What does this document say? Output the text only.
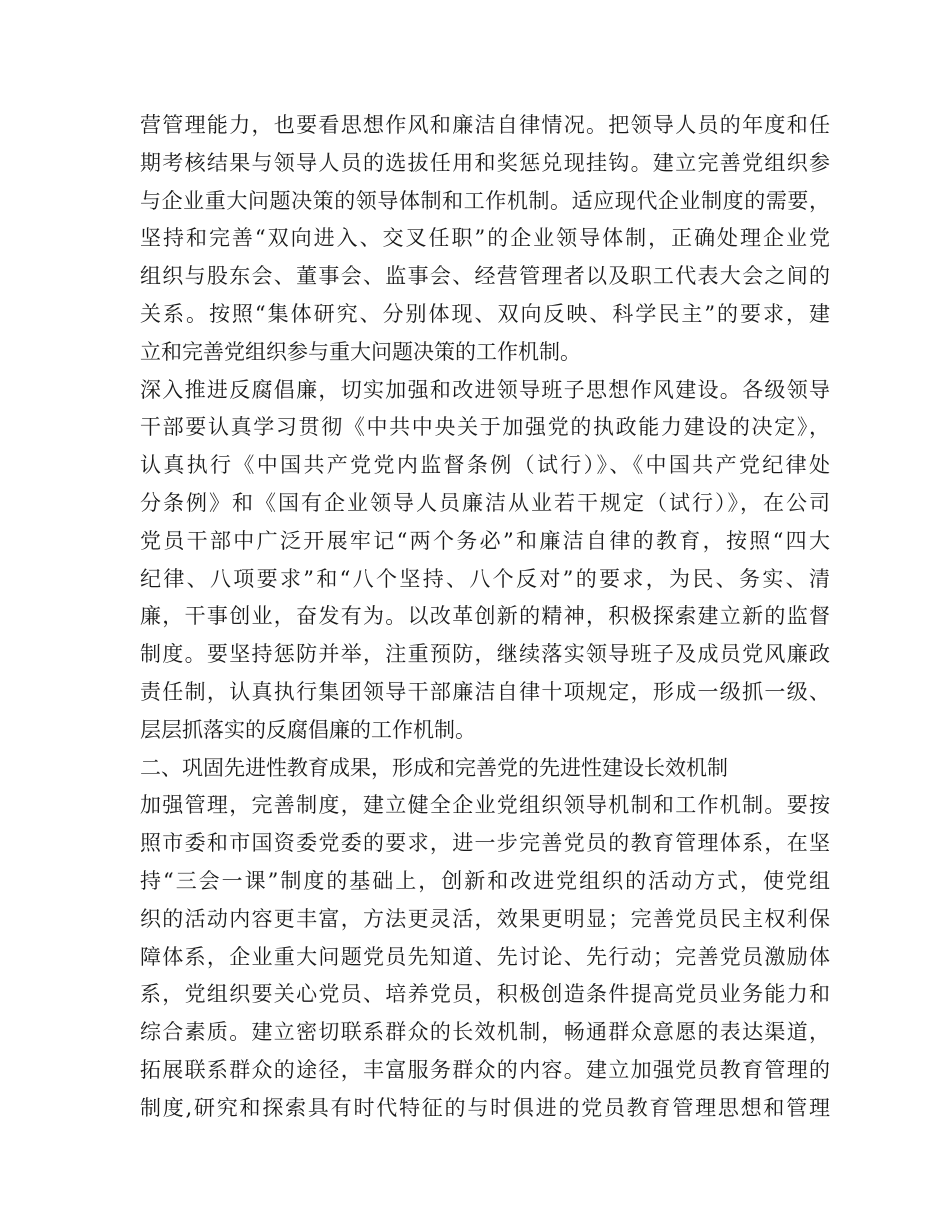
营管理能力，也要看思想作风和廉洁自律情况。把领导人员的年度和任
期考核结果与领导人员的选拔任用和奖惩兑现挂钩。建立完善党组织参
与企业重大问题决策的领导体制和工作机制。适应现代企业制度的需要，
坚持和完善“双向进入、交叉任职”的企业领导体制，正确处理企业党
组织与股东会、董事会、监事会、经营管理者以及职工代表大会之间的
关系。按照“集体研究、分别体现、双向反映、科学民主”的要求，建
立和完善党组织参与重大问题决策的工作机制。
深入推进反腐倡廉，切实加强和改进领导班子思想作风建设。各级领导
干部要认真学习贯彻《中共中央关于加强党的执政能力建设的决定》，
认真执行《中国共产党党内监督条例（试行）》、《中国共产党纪律处
分条例》和《国有企业领导人员廉洁从业若干规定（试行）》，在公司
党员干部中广泛开展牢记“两个务必”和廉洁自律的教育，按照“四大
纪律、八项要求”和“八个坚持、八个反对”的要求，为民、务实、清
廉，干事创业，奋发有为。以改革创新的精神，积极探索建立新的监督
制度。要坚持惩防并举，注重预防，继续落实领导班子及成员党风廉政
责任制，认真执行集团领导干部廉洁自律十项规定，形成一级抓一级、
层层抓落实的反腐倡廉的工作机制。
二、巩固先进性教育成果，形成和完善党的先进性建设长效机制
加强管理，完善制度，建立健全企业党组织领导机制和工作机制。要按
照市委和市国资委党委的要求，进一步完善党员的教育管理体系，在坚
持“三会一课”制度的基础上，创新和改进党组织的活动方式，使党组
织的活动内容更丰富，方法更灵活，效果更明显；完善党员民主权利保
障体系，企业重大问题党员先知道、先讨论、先行动；完善党员激励体
系，党组织要关心党员、培养党员，积极创造条件提高党员业务能力和
综合素质。建立密切联系群众的长效机制，畅通群众意愿的表达渠道，
拓展联系群众的途径，丰富服务群众的内容。建立加强党员教育管理的
制度,研究和探索具有时代特征的与时俱进的党员教育管理思想和管理
